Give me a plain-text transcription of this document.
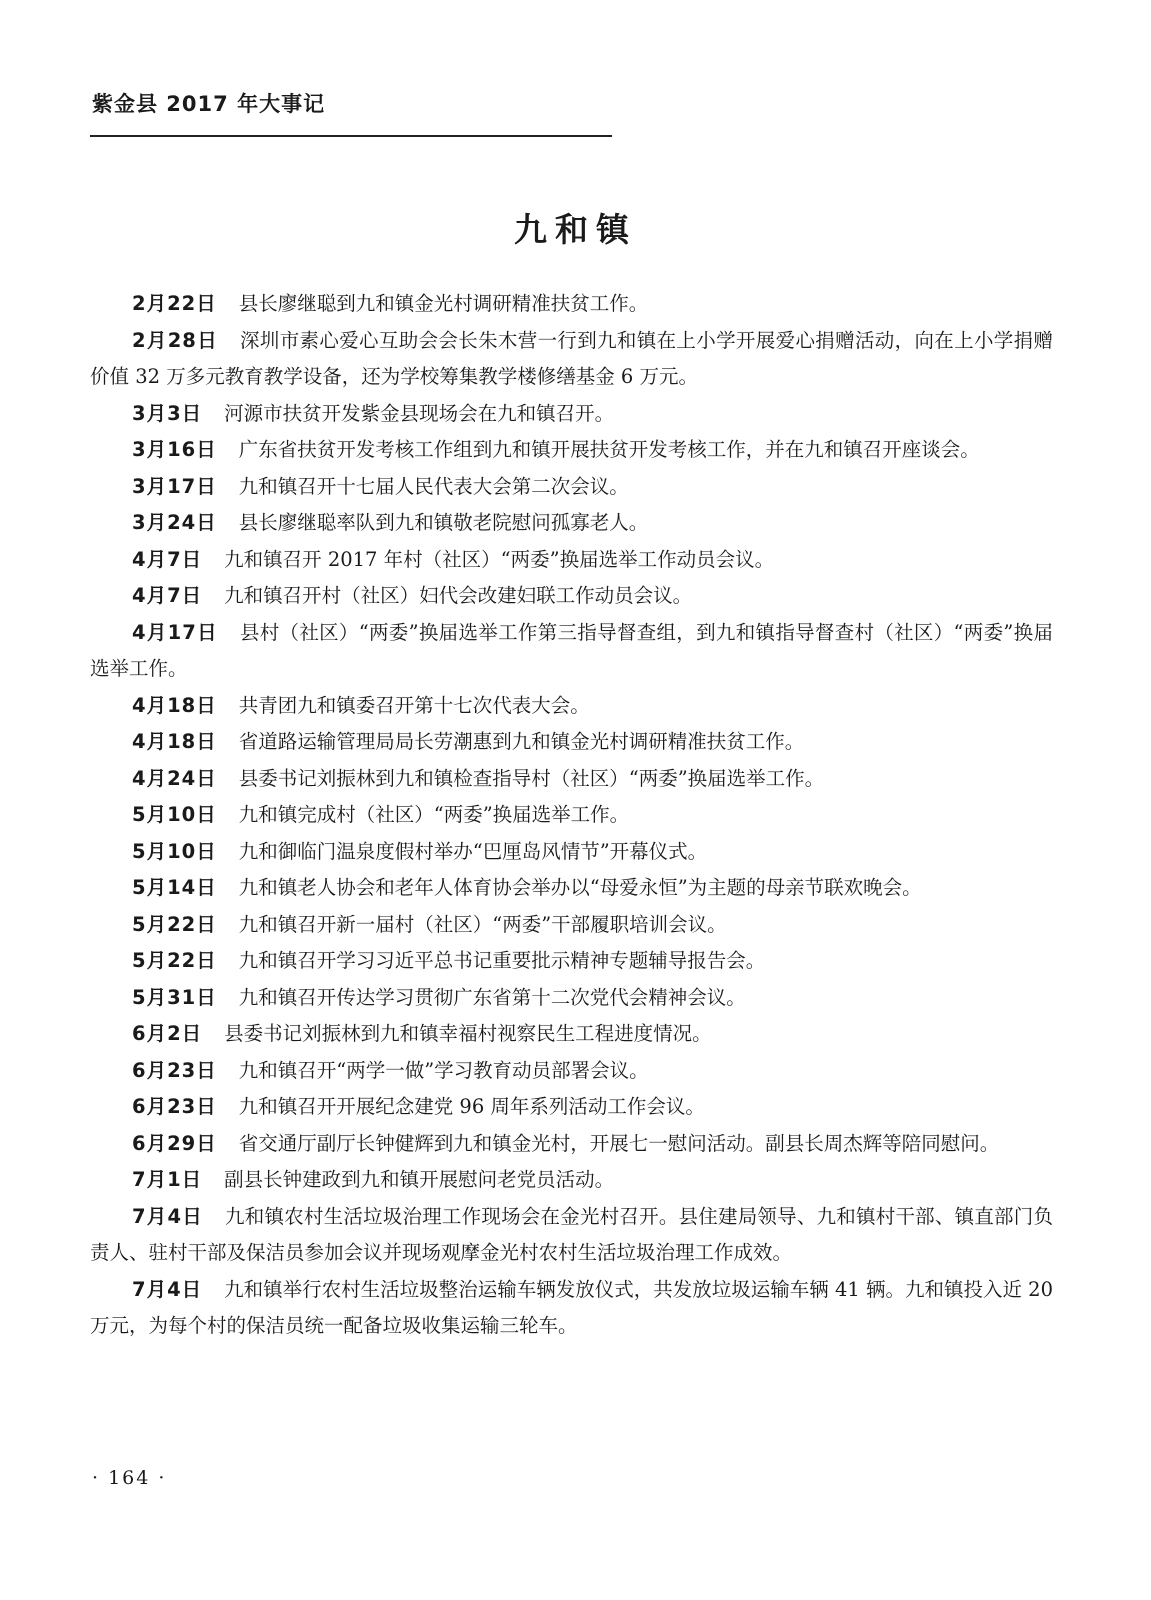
紫金县 2017 年大事记
九和镇

2月22日 县长廖继聪到九和镇金光村调研精准扶贫工作。

2月28日 深圳市素心爱心互助会会长朱木营一行到九和镇在上小学开展爱心捐赠活动，向在上小学捐赠价值 32 万多元教育教学设备，还为学校筹集教学楼修缮基金 6 万元。

3月3日 河源市扶贫开发紫金县现场会在九和镇召开。

3月16日 广东省扶贫开发考核工作组到九和镇开展扶贫开发考核工作，并在九和镇召开座谈会。

3月17日 九和镇召开十七届人民代表大会第二次会议。

3月24日 县长廖继聪率队到九和镇敬老院慰问孤寡老人。

4月7日 九和镇召开 2017 年村（社区）“两委”换届选举工作动员会议。

4月7日 九和镇召开村（社区）妇代会改建妇联工作动员会议。

4月17日 县村（社区）“两委”换届选举工作第三指导督查组，到九和镇指导督查村（社区）“两委”换届选举工作。

4月18日 共青团九和镇委召开第十七次代表大会。

4月18日 省道路运输管理局局长劳潮惠到九和镇金光村调研精准扶贫工作。

4月24日 县委书记刘振林到九和镇检查指导村（社区）“两委”换届选举工作。

5月10日 九和镇完成村（社区）“两委”换届选举工作。

5月10日 九和御临门温泉度假村举办“巴厘岛风情节”开幕仪式。

5月14日 九和镇老人协会和老年人体育协会举办以“母爱永恒”为主题的母亲节联欢晚会。

5月22日 九和镇召开新一届村（社区）“两委”干部履职培训会议。

5月22日 九和镇召开学习习近平总书记重要批示精神专题辅导报告会。

5月31日 九和镇召开传达学习贯彻广东省第十二次党代会精神会议。

6月2日 县委书记刘振林到九和镇幸福村视察民生工程进度情况。

6月23日 九和镇召开“两学一做”学习教育动员部署会议。

6月23日 九和镇召开开展纪念建党 96 周年系列活动工作会议。

6月29日 省交通厅副厅长钟健辉到九和镇金光村，开展七一慰问活动。副县长周杰辉等陪同慰问。

7月1日 副县长钟建政到九和镇开展慰问老党员活动。

7月4日 九和镇农村生活垃圾治理工作现场会在金光村召开。县住建局领导、九和镇村干部、镇直部门负责人、驻村干部及保洁员参加会议并现场观摩金光村农村生活垃圾治理工作成效。

7月4日 九和镇举行农村生活垃圾整治运输车辆发放仪式，共发放垃圾运输车辆 41 辆。九和镇投入近 20 万元，为每个村的保洁员统一配备垃圾收集运输三轮车。

· 164 ·
